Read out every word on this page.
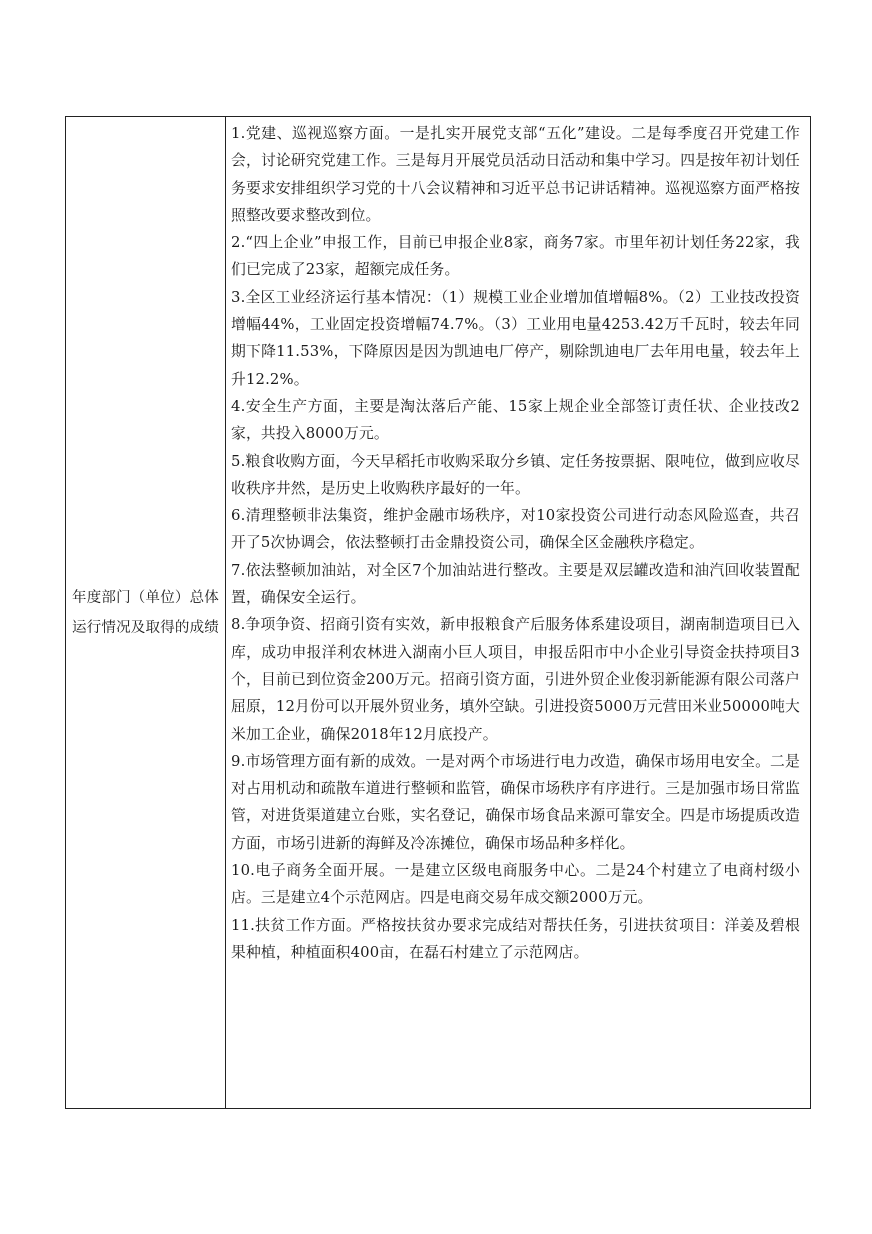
年度部门（单位）总体运行情况及取得的成绩

1.党建、巡视巡察方面。一是扎实开展党支部“五化”建设。二是每季度召开党建工作会，讨论研究党建工作。三是每月开展党员活动日活动和集中学习。四是按年初计划任务要求安排组织学习党的十八会议精神和习近平总书记讲话精神。巡视巡察方面严格按照整改要求整改到位。

2.“四上企业”申报工作，目前已申报企业8家，商务7家。市里年初计划任务22家，我们已完成了23家，超额完成任务。

3.全区工业经济运行基本情况：（1）规模工业企业增加值增幅8%。（2）工业技改投资增幅44%，工业固定投资增幅74.7%。（3）工业用电量4253.42万千瓦时，较去年同期下降11.53%，下降原因是因为凯迪电厂停产，剔除凯迪电厂去年用电量，较去年上升12.2%。

4.安全生产方面，主要是淘汰落后产能、15家上规企业全部签订责任状、企业技改2家，共投入8000万元。

5.粮食收购方面，今天早稻托市收购采取分乡镇、定任务按票据、限吨位，做到应收尽收秩序井然，是历史上收购秩序最好的一年。

6.清理整顿非法集资，维护金融市场秩序，对10家投资公司进行动态风险巡查，共召开了5次协调会，依法整顿打击金鼎投资公司，确保全区金融秩序稳定。

7.依法整顿加油站，对全区7个加油站进行整改。主要是双层罐改造和油汽回收装置配置，确保安全运行。

8.争项争资、招商引资有实效，新申报粮食产后服务体系建设项目，湖南制造项目已入库，成功申报洋利农林进入湖南小巨人项目，申报岳阳市中小企业引导资金扶持项目3个，目前已到位资金200万元。招商引资方面，引进外贸企业俊羽新能源有限公司落户屈原，12月份可以开展外贸业务，填外空缺。引进投资5000万元营田米业50000吨大米加工企业，确保2018年12月底投产。

9.市场管理方面有新的成效。一是对两个市场进行电力改造，确保市场用电安全。二是对占用机动和疏散车道进行整顿和监管，确保市场秩序有序进行。三是加强市场日常监管，对进货渠道建立台账，实名登记，确保市场食品来源可靠安全。四是市场提质改造方面，市场引进新的海鲜及冷冻摊位，确保市场品种多样化。

10.电子商务全面开展。一是建立区级电商服务中心。二是24个村建立了电商村级小店。三是建立4个示范网店。四是电商交易年成交额2000万元。

11.扶贫工作方面。严格按扶贫办要求完成结对帮扶任务，引进扶贫项目：洋姜及碧根果种植，种植面积400亩，在磊石村建立了示范网店。
